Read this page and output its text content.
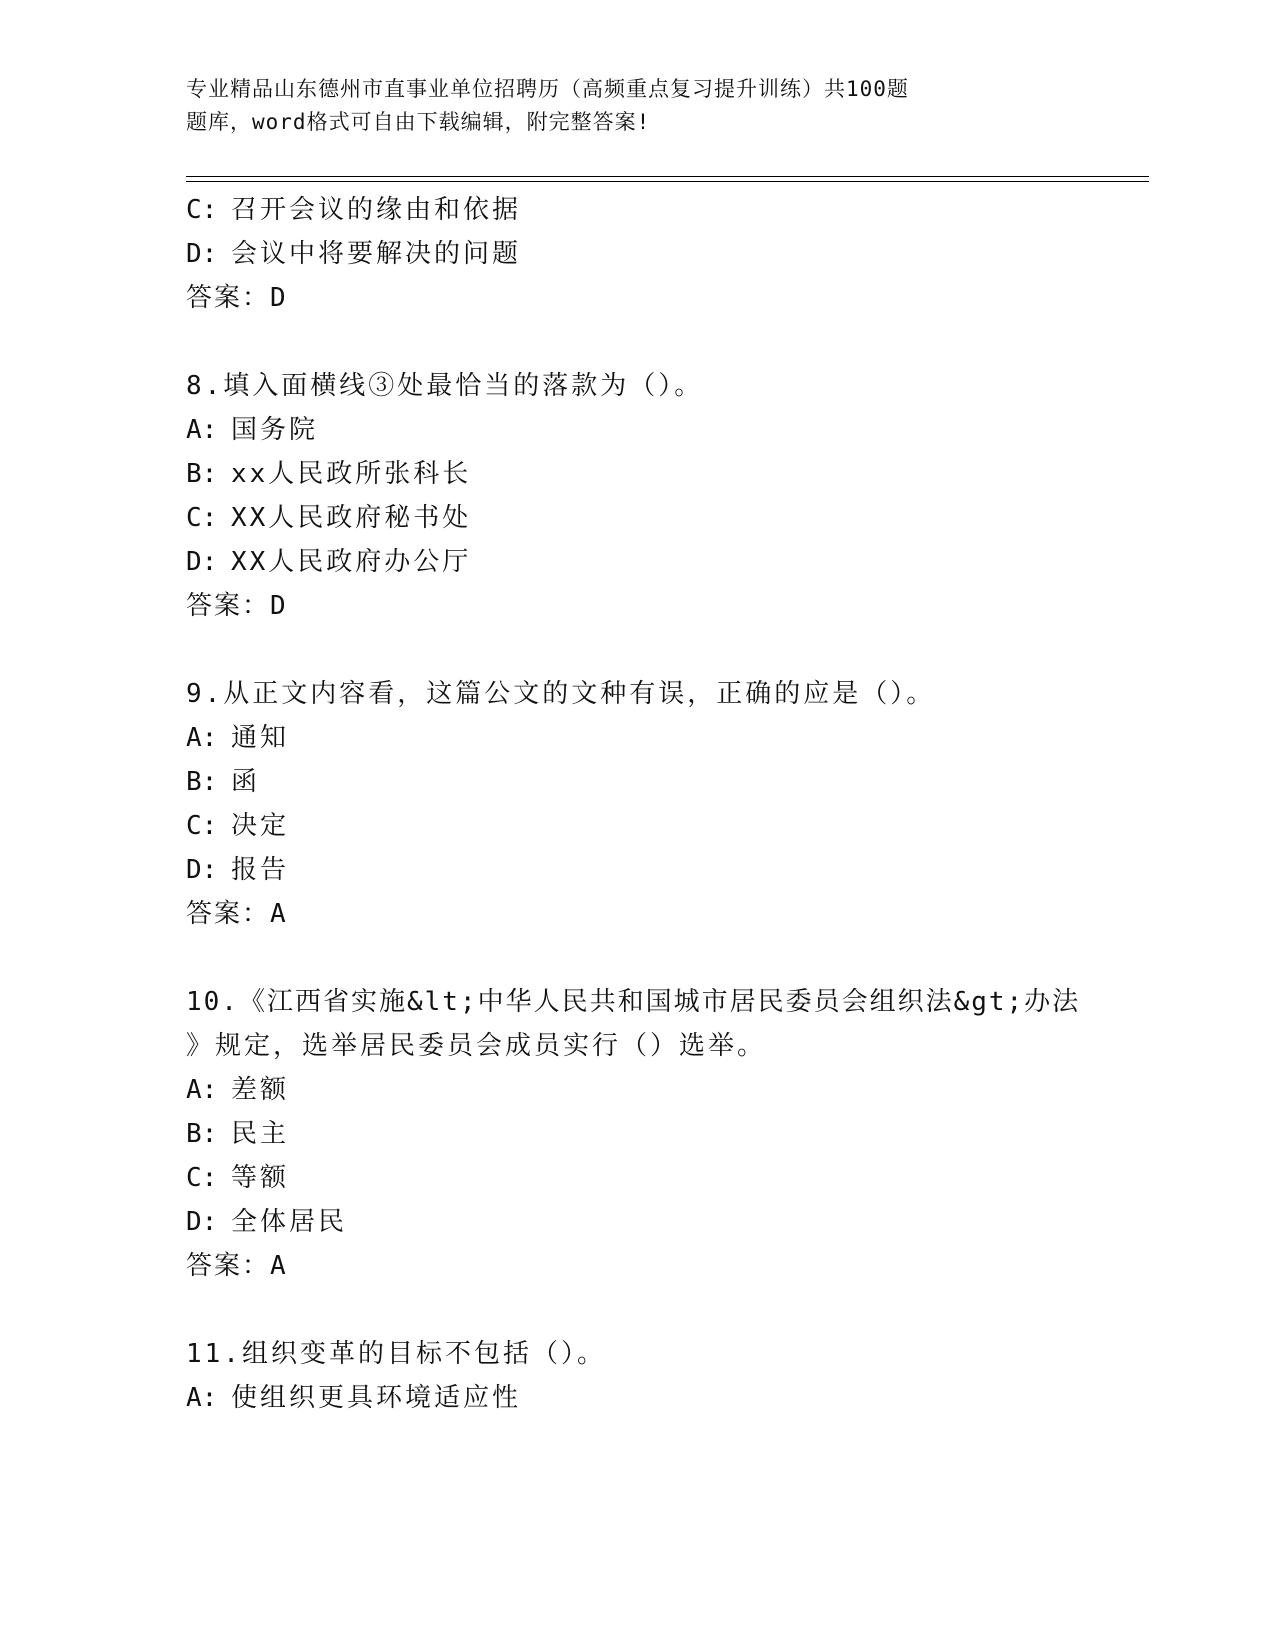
专业精品山东德州市直事业单位招聘历（高频重点复习提升训练）共100题
题库，word格式可自由下载编辑，附完整答案!
C: 召开会议的缘由和依据
D: 会议中将要解决的问题
答案：D
8.填入面横线③处最恰当的落款为（）。
A: 国务院
B: xx人民政所张科长
C: XX人民政府秘书处
D: XX人民政府办公厅
答案：D
9.从正文内容看，这篇公文的文种有误，正确的应是（）。
A: 通知
B: 函
C: 决定
D: 报告
答案：A
10.《江西省实施&lt;中华人民共和国城市居民委员会组织法&gt;办法
》规定，选举居民委员会成员实行（）选举。
A: 差额
B: 民主
C: 等额
D: 全体居民
答案：A
11.组织变革的目标不包括（）。
A: 使组织更具环境适应性
